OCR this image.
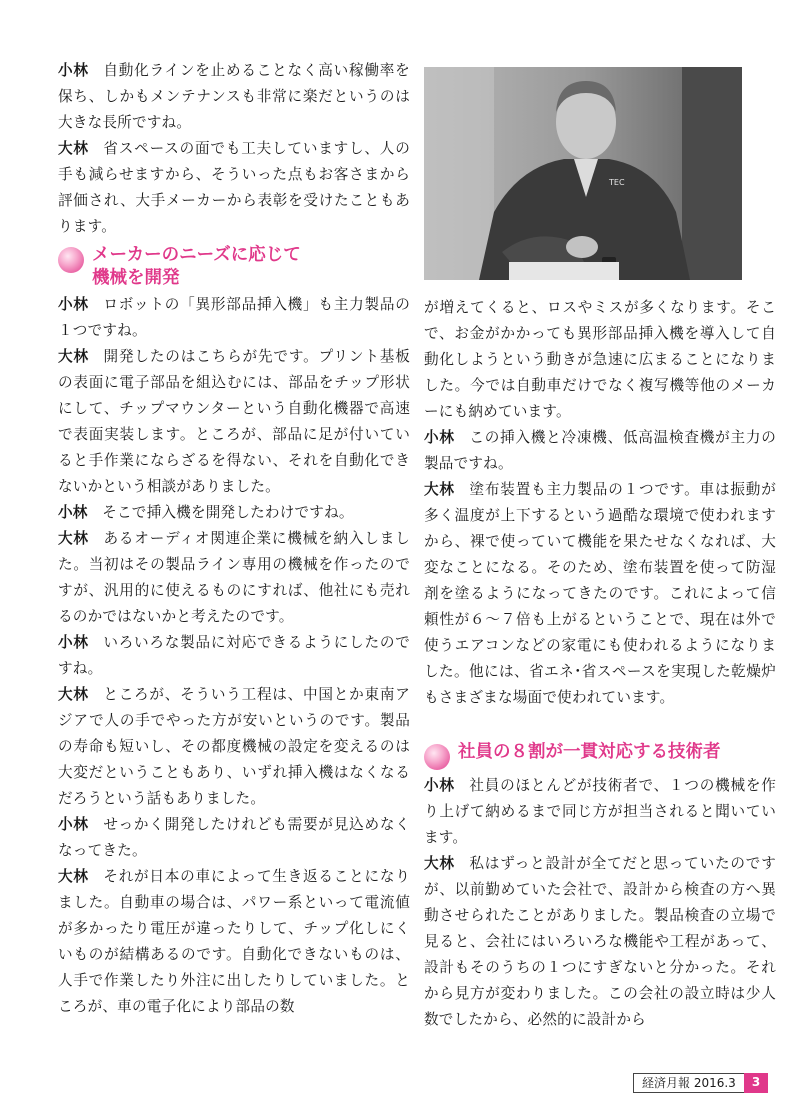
小林 自動化ラインを止めることなく高い稼働率を保ち、しかもメンテナンスも非常に楽だというのは大きな長所ですね。

大林 省スペースの面でも工夫していますし、人の手も減らせますから、そういった点もお客さまから評価され、大手メーカーから表彰を受けたこともあります。

メーカーのニーズに応じて
機械を開発

小林 ロボットの「異形部品挿入機」も主力製品の１つですね。

大林 開発したのはこちらが先です。プリント基板の表面に電子部品を組込むには、部品をチップ形状にして、チップマウンターという自動化機器で高速で表面実装します。ところが、部品に足が付いていると手作業にならざるを得ない、それを自動化できないかという相談がありました。

小林 そこで挿入機を開発したわけですね。

大林 あるオーディオ関連企業に機械を納入しました。当初はその製品ライン専用の機械を作ったのですが、汎用的に使えるものにすれば、他社にも売れるのかではないかと考えたのです。

小林 いろいろな製品に対応できるようにしたのですね。

大林 ところが、そういう工程は、中国とか東南アジアで人の手でやった方が安いというのです。製品の寿命も短いし、その都度機械の設定を変えるのは大変だということもあり、いずれ挿入機はなくなるだろうという話もありました。

小林 せっかく開発したけれども需要が見込めなくなってきた。

大林 それが日本の車によって生き返ることになりました。自動車の場合は、パワー系といって電流値が多かったり電圧が違ったりして、チップ化しにくいものが結構あるのです。自動化できないものは、人手で作業したり外注に出したりしていました。ところが、車の電子化により部品の数

TEC

が増えてくると、ロスやミスが多くなります。そこで、お金がかかっても異形部品挿入機を導入して自動化しようという動きが急速に広まることになりました。今では自動車だけでなく複写機等他のメーカーにも納めています。

小林 この挿入機と冷凍機、低高温検査機が主力の製品ですね。

大林 塗布装置も主力製品の１つです。車は振動が多く温度が上下するという過酷な環境で使われますから、裸で使っていて機能を果たせなくなれば、大変なことになる。そのため、塗布装置を使って防湿剤を塗るようになってきたのです。これによって信頼性が６～７倍も上がるということで、現在は外で使うエアコンなどの家電にも使われるようになりました。他には、省エネ･省スペースを実現した乾燥炉もさまざまな場面で使われています。

社員の８割が一貫対応する技術者

小林 社員のほとんどが技術者で、１つの機械を作り上げて納めるまで同じ方が担当されると聞いています。

大林 私はずっと設計が全てだと思っていたのですが、以前勤めていた会社で、設計から検査の方へ異動させられたことがありました。製品検査の立場で見ると、会社にはいろいろな機能や工程があって、設計もそのうちの１つにすぎないと分かった。それから見方が変わりました。この会社の設立時は少人数でしたから、必然的に設計から

経済月報 2016.3	3
